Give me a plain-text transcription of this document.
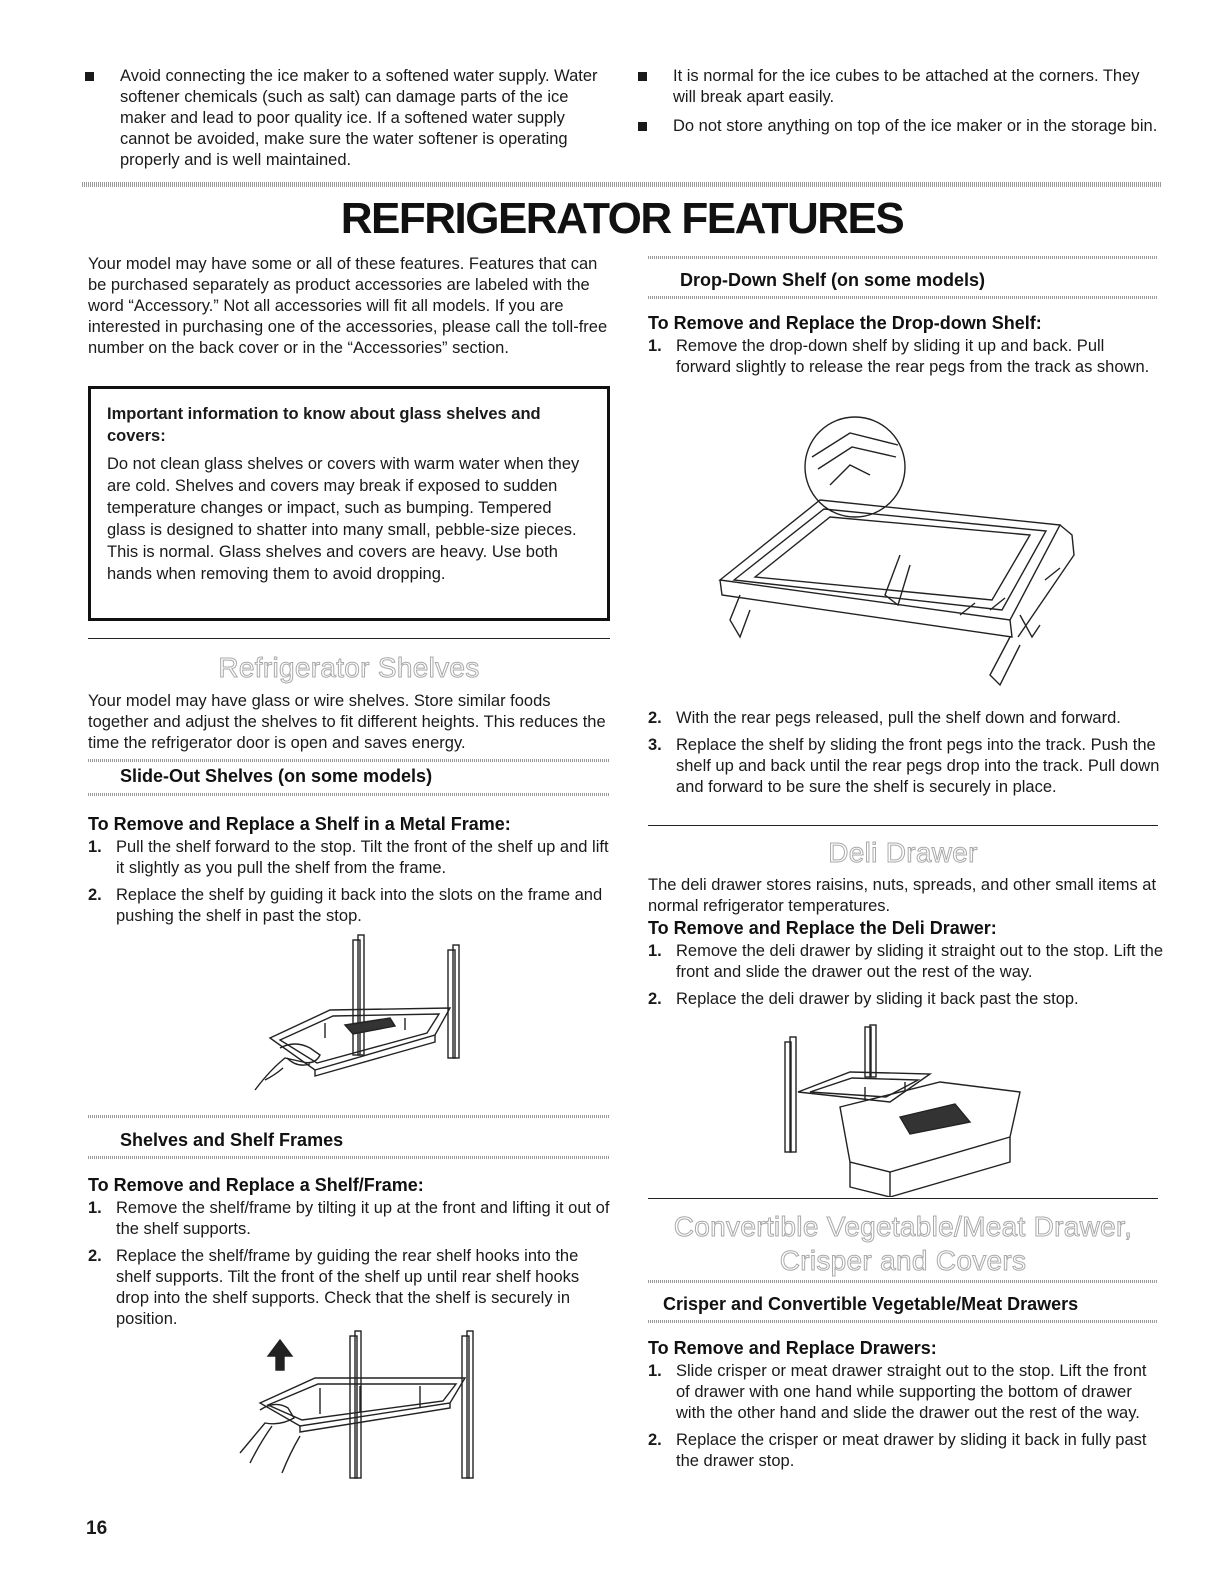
Avoid connecting the ice maker to a softened water supply. Water softener chemicals (such as salt) can damage parts of the ice maker and lead to poor quality ice. If a softened water supply cannot be avoided, make sure the water softener is operating properly and is well maintained.
It is normal for the ice cubes to be attached at the corners. They will break apart easily.
Do not store anything on top of the ice maker or in the storage bin.
REFRIGERATOR FEATURES
Your model may have some or all of these features. Features that can be purchased separately as product accessories are labeled with the word “Accessory.” Not all accessories will fit all models. If you are interested in purchasing one of the accessories, please call the toll-free number on the back cover or in the “Accessories” section.
Important information to know about glass shelves and covers:
Do not clean glass shelves or covers with warm water when they are cold. Shelves and covers may break if exposed to sudden temperature changes or impact, such as bumping. Tempered glass is designed to shatter into many small, pebble-size pieces. This is normal. Glass shelves and covers are heavy. Use both hands when removing them to avoid dropping.
Refrigerator Shelves
Your model may have glass or wire shelves. Store similar foods together and adjust the shelves to fit different heights. This reduces the time the refrigerator door is open and saves energy.
Slide-Out Shelves (on some models)
To Remove and Replace a Shelf in a Metal Frame:
1. Pull the shelf forward to the stop. Tilt the front of the shelf up and lift it slightly as you pull the shelf from the frame.
2. Replace the shelf by guiding it back into the slots on the frame and pushing the shelf in past the stop.
Shelves and Shelf Frames
To Remove and Replace a Shelf/Frame:
1. Remove the shelf/frame by tilting it up at the front and lifting it out of the shelf supports.
2. Replace the shelf/frame by guiding the rear shelf hooks into the shelf supports. Tilt the front of the shelf up until rear shelf hooks drop into the shelf supports. Check that the shelf is securely in position.
Drop-Down Shelf (on some models)
To Remove and Replace the Drop-down Shelf:
1. Remove the drop-down shelf by sliding it up and back. Pull forward slightly to release the rear pegs from the track as shown.
2. With the rear pegs released, pull the shelf down and forward.
3. Replace the shelf by sliding the front pegs into the track. Push the shelf up and back until the rear pegs drop into the track. Pull down and forward to be sure the shelf is securely in place.
Deli Drawer
The deli drawer stores raisins, nuts, spreads, and other small items at normal refrigerator temperatures.
To Remove and Replace the Deli Drawer:
1. Remove the deli drawer by sliding it straight out to the stop. Lift the front and slide the drawer out the rest of the way.
2. Replace the deli drawer by sliding it back past the stop.
Convertible Vegetable/Meat Drawer,
Crisper and Covers
Crisper and Convertible Vegetable/Meat Drawers
To Remove and Replace Drawers:
1. Slide crisper or meat drawer straight out to the stop. Lift the front of drawer with one hand while supporting the bottom of drawer with the other hand and slide the drawer out the rest of the way.
2. Replace the crisper or meat drawer by sliding it back in fully past the drawer stop.
16
